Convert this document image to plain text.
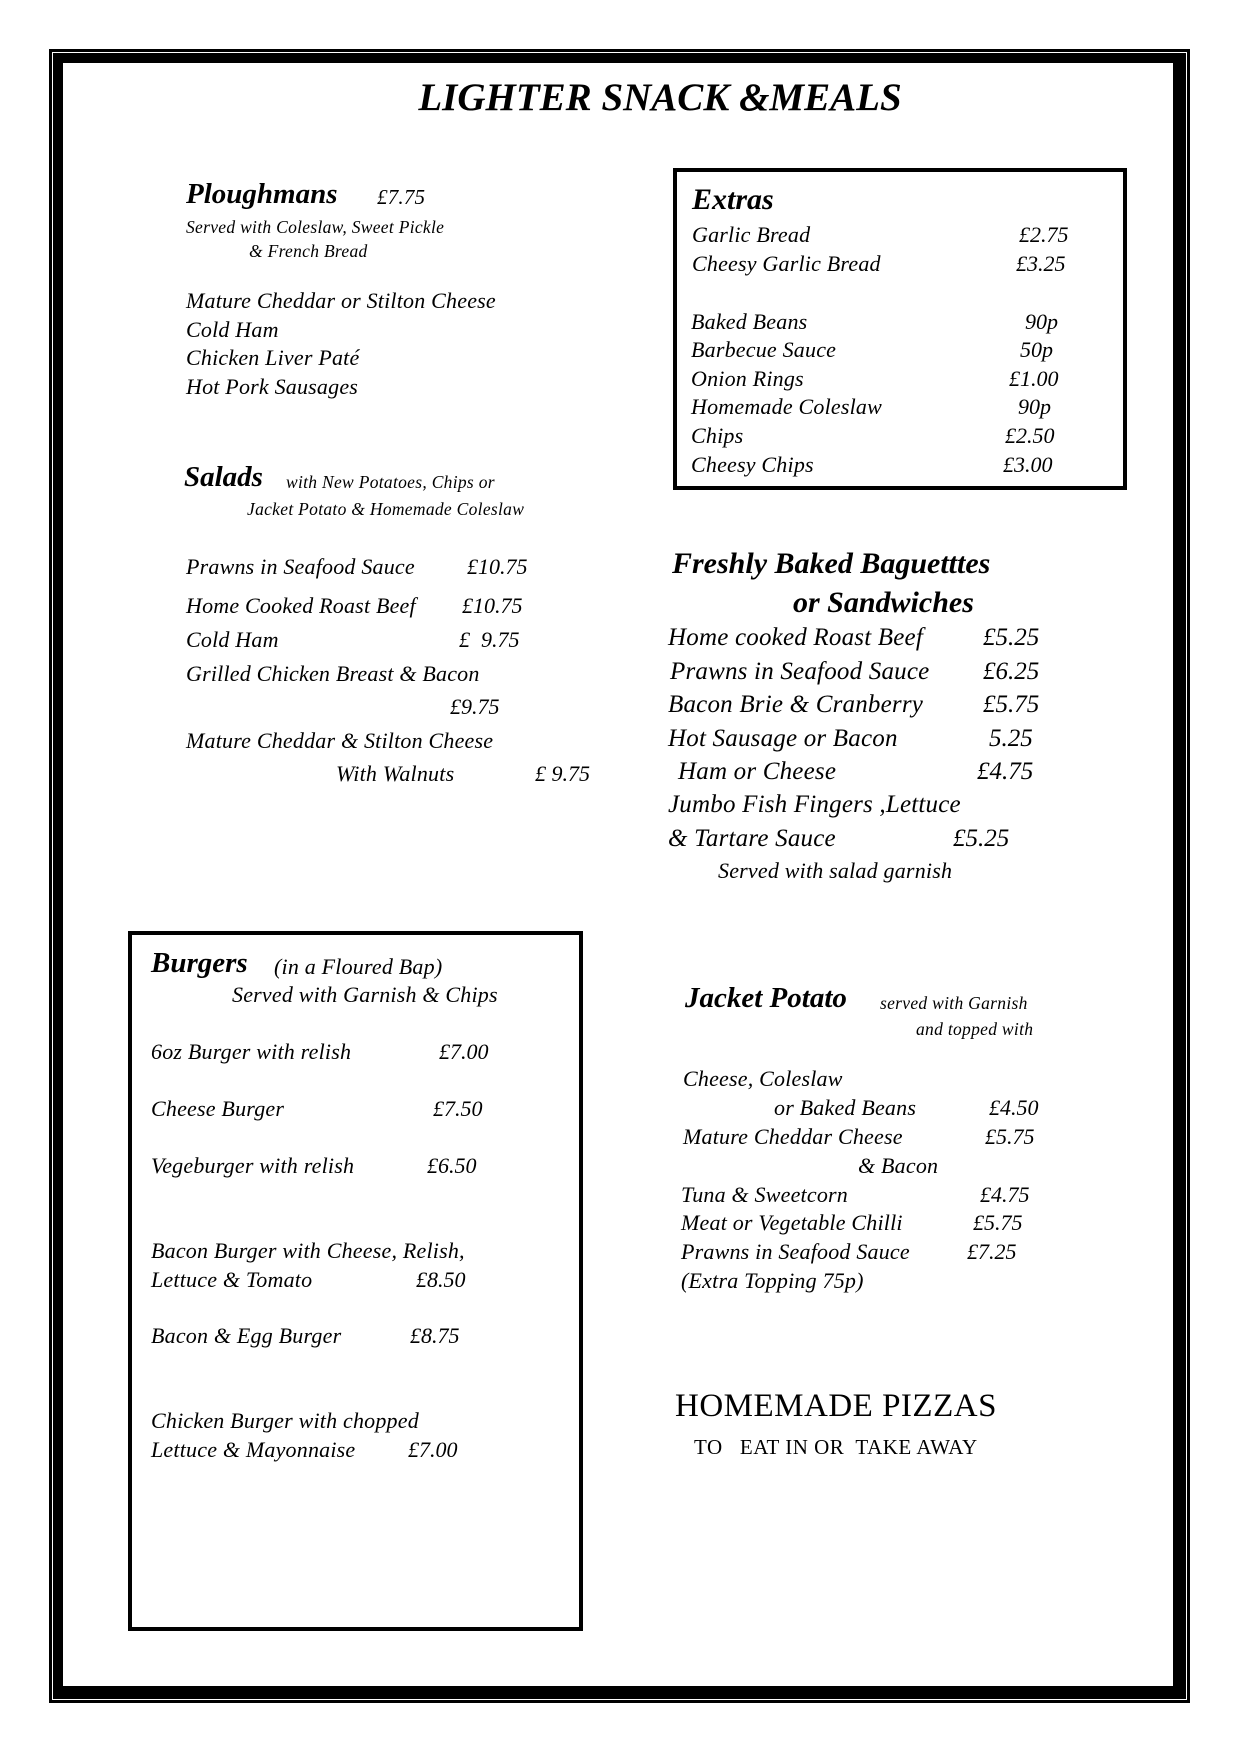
LIGHTER SNACK &MEALS
Ploughmans £7.75
Served with Coleslaw, Sweet Pickle
& French Bread
Mature Cheddar or Stilton Cheese
Cold Ham
Chicken Liver Paté
Hot Pork Sausages
Salads with New Potatoes, Chips or
Jacket Potato & Homemade Coleslaw
Prawns in Seafood Sauce £10.75
Home Cooked Roast Beef £10.75
Cold Ham	£  9.75
Grilled Chicken Breast & Bacon
£9.75
Mature Cheddar & Stilton Cheese
With Walnuts	£ 9.75
Extras
Garlic Bread	£2.75
Cheesy Garlic Bread	£3.25
Baked Beans	90p
Barbecue Sauce	50p
Onion Rings	£1.00
Homemade Coleslaw	90p
Chips	£2.50
Cheesy Chips	£3.00
Freshly Baked Baguetttes
or Sandwiches
Home cooked Roast Beef £5.25
Prawns in Seafood Sauce £6.25
Bacon Brie & Cranberry £5.75
Hot Sausage or Bacon	5.25
Ham or Cheese	£4.75
Jumbo Fish Fingers ,Lettuce
& Tartare Sauce	£5.25
Served with salad garnish
Burgers (in a Floured Bap)
Served with Garnish & Chips
6oz Burger with relish	£7.00
Cheese Burger	£7.50
Vegeburger with relish	£6.50
Bacon Burger with Cheese, Relish,
Lettuce & Tomato	£8.50
Bacon & Egg Burger	£8.75
Chicken Burger with chopped
Lettuce & Mayonnaise £7.00
Jacket Potato served with Garnish
and topped with
Cheese, Coleslaw
or Baked Beans	£4.50
Mature Cheddar Cheese
& Bacon
£5.75
Tuna & Sweetcorn	£4.75
Meat or Vegetable Chilli	£5.75
Prawns in Seafood Sauce	£7.25
(Extra Topping 75p)
HOMEMADE PIZZAS
TO   EAT IN OR  TAKE AWAY
